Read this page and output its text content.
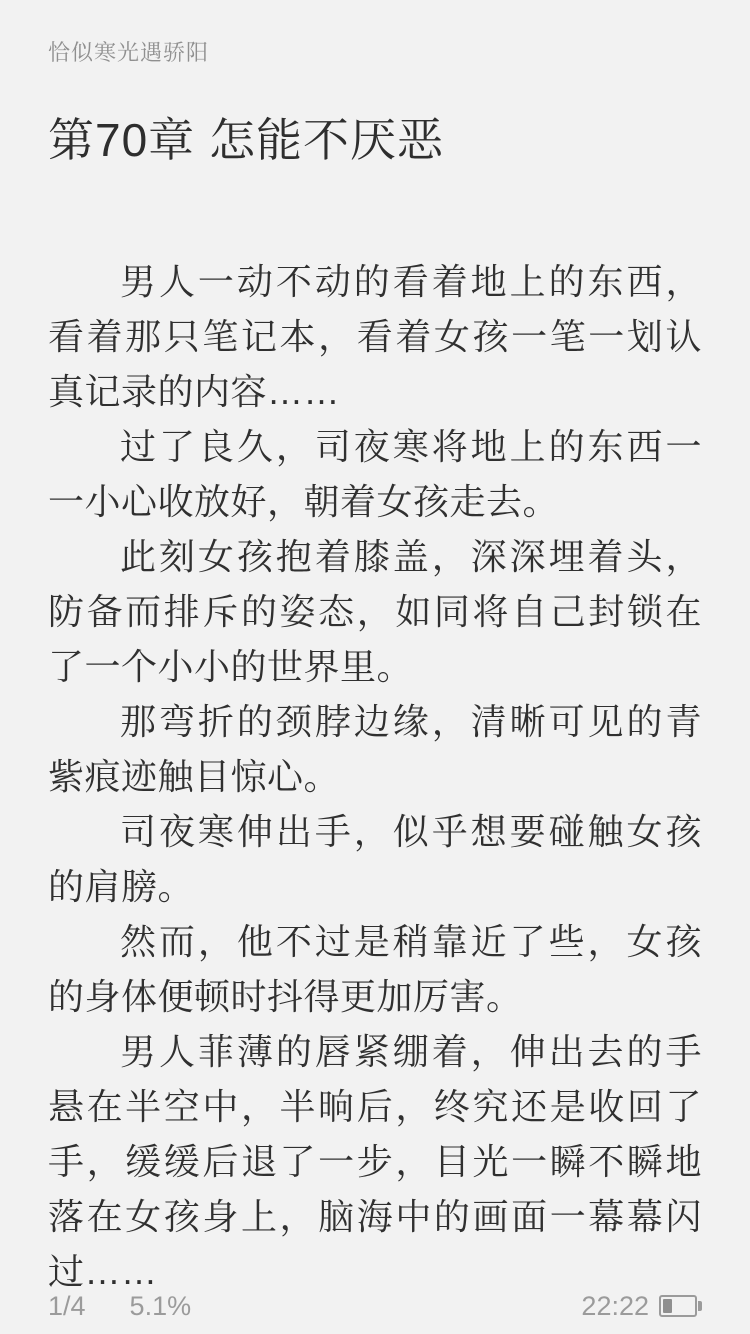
恰似寒光遇骄阳
第70章 怎能不厌恶

男人一动不动的看着地上的东西，看着那只笔记本，看着女孩一笔一划认真记录的内容……

过了良久，司夜寒将地上的东西一一小心收放好，朝着女孩走去。

此刻女孩抱着膝盖，深深埋着头，防备而排斥的姿态，如同将自己封锁在了一个小小的世界里。

那弯折的颈脖边缘，清晰可见的青紫痕迹触目惊心。

司夜寒伸出手，似乎想要碰触女孩的肩膀。

然而，他不过是稍靠近了些，女孩的身体便顿时抖得更加厉害。

男人菲薄的唇紧绷着，伸出去的手悬在半空中，半晌后，终究还是收回了手，缓缓后退了一步，目光一瞬不瞬地落在女孩身上，脑海中的画面一幕幕闪过……

1/4 5.1%	22:22
